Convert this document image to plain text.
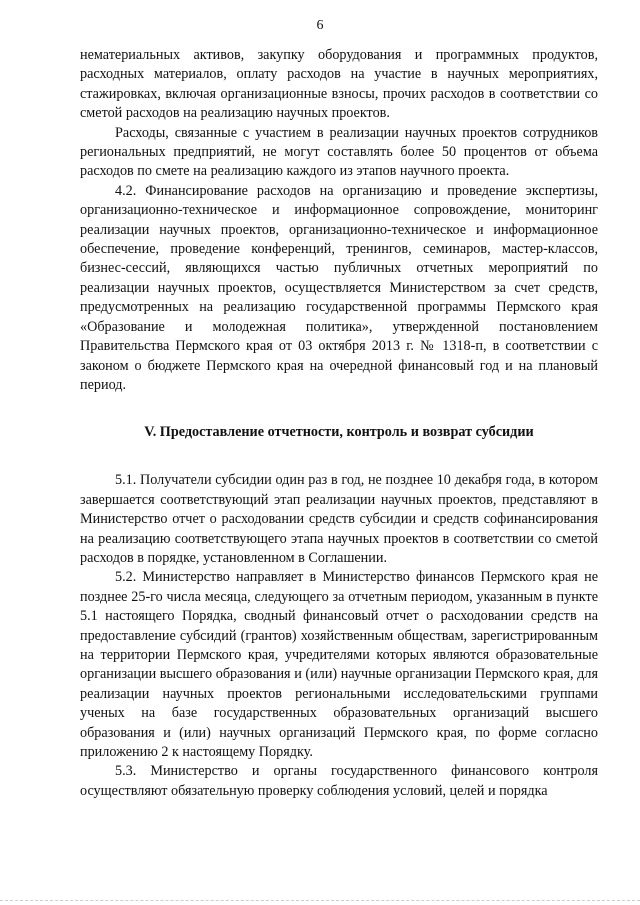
6

нематериальных активов, закупку оборудования и программных продуктов, расходных материалов, оплату расходов на участие в научных мероприятиях, стажировках, включая организационные взносы, прочих расходов в соответствии со сметой расходов на реализацию научных проектов.

Расходы, связанные с участием в реализации научных проектов сотрудников региональных предприятий, не могут составлять более 50 процентов от объема расходов по смете на реализацию каждого из этапов научного проекта.

4.2. Финансирование расходов на организацию и проведение экспертизы, организационно-техническое и информационное сопровождение, мониторинг реализации научных проектов, организационно-техническое и информационное обеспечение, проведение конференций, тренингов, семинаров, мастер-классов, бизнес-сессий, являющихся частью публичных отчетных мероприятий по реализации научных проектов, осуществляется Министерством за счет средств, предусмотренных на реализацию государственной программы Пермского края «Образование и молодежная политика», утвержденной постановлением Правительства Пермского края от 03 октября 2013 г. № 1318-п, в соответствии с законом о бюджете Пермского края на очередной финансовый год и на плановый период.

V. Предоставление отчетности, контроль и возврат субсидии

5.1. Получатели субсидии один раз в год, не позднее 10 декабря года, в котором завершается соответствующий этап реализации научных проектов, представляют в Министерство отчет о расходовании средств субсидии и средств софинансирования на реализацию соответствующего этапа научных проектов в соответствии со сметой расходов в порядке, установленном в Соглашении.

5.2. Министерство направляет в Министерство финансов Пермского края не позднее 25-го числа месяца, следующего за отчетным периодом, указанным в пункте 5.1 настоящего Порядка, сводный финансовый отчет о расходовании средств на предоставление субсидий (грантов) хозяйственным обществам, зарегистрированным на территории Пермского края, учредителями которых являются образовательные организации высшего образования и (или) научные организации Пермского края, для реализации научных проектов региональными исследовательскими группами ученых на базе государственных образовательных организаций высшего образования и (или) научных организаций Пермского края, по форме согласно приложению 2 к настоящему Порядку.

5.3. Министерство и органы государственного финансового контроля осуществляют обязательную проверку соблюдения условий, целей и порядка
